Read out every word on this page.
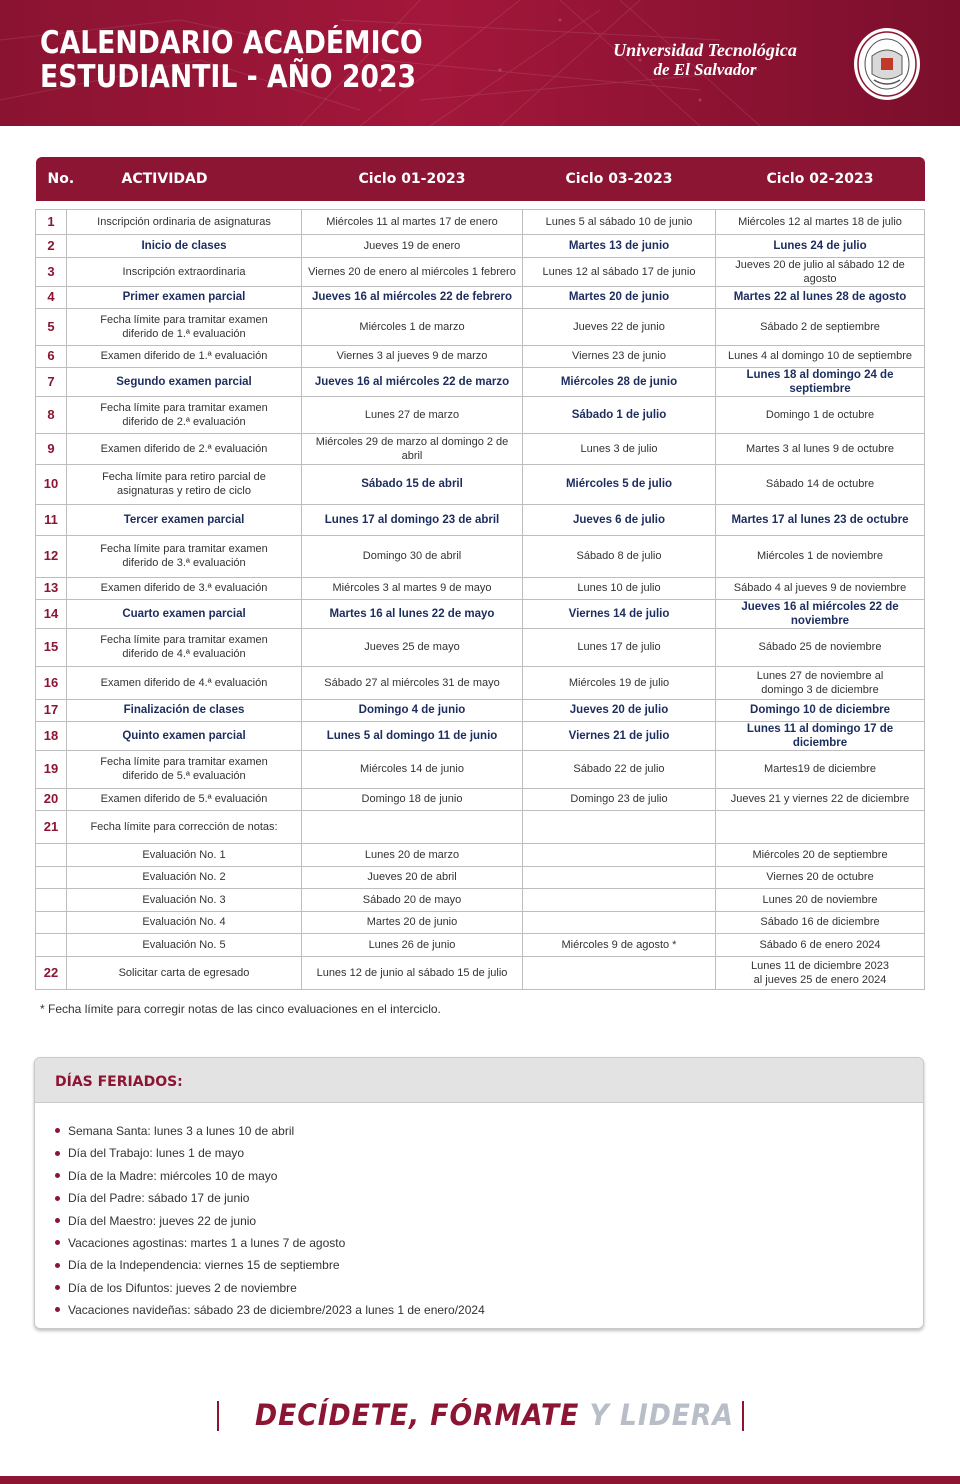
CALENDARIO ACADÉMICO
ESTUDIANTIL - AÑO 2023
Universidad Tecnológica
de El Salvador
No.	ACTIVIDAD	Ciclo 01-2023	Ciclo 03-2023	Ciclo 02-2023

1	Inscripción ordinaria de asignaturas	Miércoles 11 al martes 17 de enero	Lunes 5 al sábado 10 de junio	Miércoles 12 al martes 18 de julio
2	Inicio de clases	Jueves 19 de enero	Martes 13 de junio	Lunes 24 de julio
3	Inscripción extraordinaria	Viernes 20 de enero al miércoles 1 febrero	Lunes 12 al sábado 17 de junio	Jueves 20 de julio al sábado 12 de agosto
4	Primer examen parcial	Jueves 16 al miércoles 22 de febrero	Martes 20 de junio	Martes 22 al lunes 28 de agosto
5	Fecha límite para tramitar examen diferido de 1.ª evaluación	Miércoles 1 de marzo	Jueves 22 de junio	Sábado 2 de septiembre
6	Examen diferido de 1.ª evaluación	Viernes 3 al jueves 9 de marzo	Viernes 23 de junio	Lunes 4 al domingo 10 de septiembre
7	Segundo examen parcial	Jueves 16 al miércoles 22 de marzo	Miércoles 28 de junio	Lunes 18 al domingo 24 de septiembre
8	Fecha límite para tramitar examen diferido de 2.ª evaluación	Lunes 27 de marzo	Sábado 1 de julio	Domingo 1 de octubre
9	Examen diferido de 2.ª evaluación	Miércoles 29 de marzo al domingo 2 de abril	Lunes 3 de julio	Martes 3 al lunes 9 de octubre
10	Fecha límite para retiro parcial de asignaturas y retiro de ciclo	Sábado 15 de abril	Miércoles 5 de julio	Sábado 14 de octubre
11	Tercer examen parcial	Lunes 17 al domingo 23 de abril	Jueves 6 de julio	Martes 17 al lunes 23 de octubre
12	Fecha límite para tramitar examen diferido de 3.ª evaluación	Domingo 30 de abril	Sábado 8 de julio	Miércoles 1 de noviembre
13	Examen diferido de 3.ª evaluación	Miércoles 3 al martes 9 de mayo	Lunes 10 de julio	Sábado 4 al jueves 9 de noviembre
14	Cuarto examen parcial	Martes 16 al lunes 22 de mayo	Viernes 14 de julio	Jueves 16 al miércoles 22 de noviembre
15	Fecha límite para tramitar examen diferido de 4.ª evaluación	Jueves 25 de mayo	Lunes 17 de julio	Sábado 25 de noviembre
16	Examen diferido de 4.ª evaluación	Sábado 27 al miércoles 31 de mayo	Miércoles 19 de julio	Lunes 27 de noviembre al domingo 3 de diciembre
17	Finalización de clases	Domingo 4 de junio	Jueves 20 de julio	Domingo 10 de diciembre
18	Quinto examen parcial	Lunes 5 al domingo 11 de junio	Viernes 21 de julio	Lunes 11 al domingo 17 de diciembre
19	Fecha límite para tramitar examen diferido de 5.ª evaluación	Miércoles 14 de junio	Sábado 22 de julio	Martes19 de diciembre
20	Examen diferido de 5.ª evaluación	Domingo 18 de junio	Domingo 23 de julio	Jueves 21 y viernes 22 de diciembre
21	Fecha límite para corrección de notas:			
	Evaluación No. 1	Lunes 20 de marzo		Miércoles 20 de septiembre
	Evaluación No. 2	Jueves 20 de abril		Viernes 20 de octubre
	Evaluación No. 3	Sábado 20 de mayo		Lunes 20 de noviembre
	Evaluación No. 4	Martes 20 de junio		Sábado 16 de diciembre
	Evaluación No. 5	Lunes 26 de junio	Miércoles 9 de agosto *	Sábado 6 de enero 2024
22	Solicitar carta de egresado	Lunes 12 de junio al sábado 15 de julio		Lunes 11 de diciembre 2023 al jueves 25 de enero 2024
* Fecha límite para corregir notas de las cinco evaluaciones en el interciclo.
DÍAS FERIADOS:
Semana Santa: lunes 3 a lunes 10 de abril
Día del Trabajo: lunes 1 de mayo
Día de la Madre: miércoles 10 de mayo
Día del Padre: sábado 17 de junio
Día del Maestro: jueves 22 de junio
Vacaciones agostinas: martes 1 a lunes 7 de agosto
Día de la Independencia: viernes 15 de septiembre
Día de los Difuntos: jueves 2 de noviembre
Vacaciones navideñas: sábado 23 de diciembre/2023 a lunes 1 de enero/2024
DECÍDETE, FÓRMATE Y LIDERA
